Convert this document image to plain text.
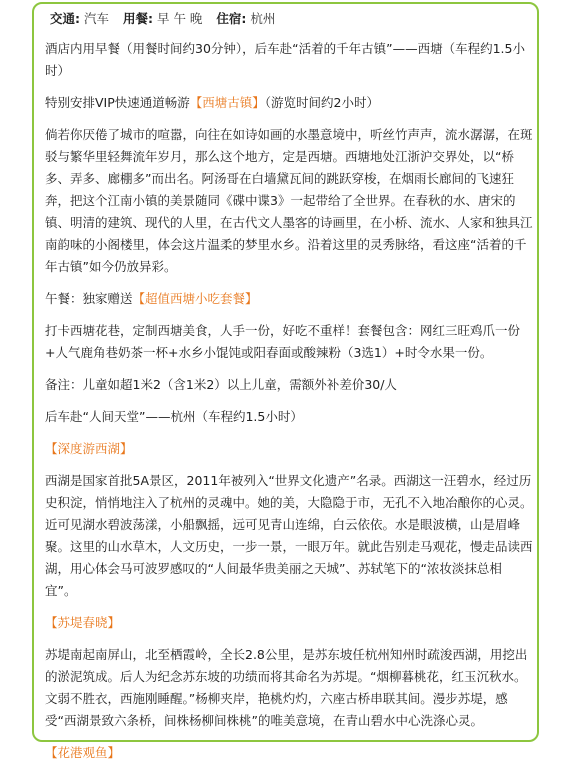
交通: 汽车 用餐: 早 午 晚 住宿: 杭州

酒店内用早餐（用餐时间约30分钟），后车赴“活着的千年古镇”——西塘（车程约1.5小时）

特别安排VIP快速通道畅游【西塘古镇】（游览时间约2小时）

倘若你厌倦了城市的喧嚣，向往在如诗如画的水墨意境中，听丝竹声声，流水潺潺，在斑驳与繁华里轻舞流年岁月，那么这个地方，定是西塘。西塘地处江浙沪交界处，以“桥多、弄多、廊棚多”而出名。阿汤哥在白墙黛瓦间的跳跃穿梭，在烟雨长廊间的飞速狂奔，把这个江南小镇的美景随同《碟中谍3》一起带给了全世界。在春秋的水、唐宋的镇、明清的建筑、现代的人里，在古代文人墨客的诗画里，在小桥、流水、人家和独具江南韵味的小阁楼里，体会这片温柔的梦里水乡。沿着这里的灵秀脉络，看这座“活着的千年古镇”如今仍放异彩。

午餐：独家赠送【超值西塘小吃套餐】

打卡西塘花巷，定制西塘美食，人手一份，好吃不重样！套餐包含：网红三旺鸡爪一份+人气鹿角巷奶茶一杯+水乡小馄饨或阳春面或酸辣粉（3选1）+时令水果一份。

备注：儿童如超1米2（含1米2）以上儿童，需额外补差价30/人

后车赴“人间天堂”——杭州（车程约1.5小时）

【深度游西湖】

西湖是国家首批5A景区，2011年被列入“世界文化遗产”名录。西湖这一汪碧水，经过历史积淀，悄悄地注入了杭州的灵魂中。她的美，大隐隐于市，无孔不入地冶酿你的心灵。近可见湖水碧波荡漾，小船飘摇，远可见青山连绵，白云依依。水是眼波横，山是眉峰聚。这里的山水草木，人文历史，一步一景，一眼万年。就此告别走马观花，慢走品读西湖，用心体会马可波罗感叹的“人间最华贵美丽之天城”、苏轼笔下的“浓妆淡抹总相宜”。

【苏堤春晓】

苏堤南起南屏山，北至栖霞岭，全长2.8公里，是苏东坡任杭州知州时疏浚西湖，用挖出的淤泥筑成。后人为纪念苏东坡的功绩而将其命名为苏堤。“烟柳暮桃花，红玉沉秋水。文弱不胜衣，西施刚睡醒。”杨柳夹岸，艳桃灼灼，六座古桥串联其间。漫步苏堤，感受“西湖景致六条桥，间株杨柳间株桃”的唯美意境，在青山碧水中心洗涤心灵。

【花港观鱼】
